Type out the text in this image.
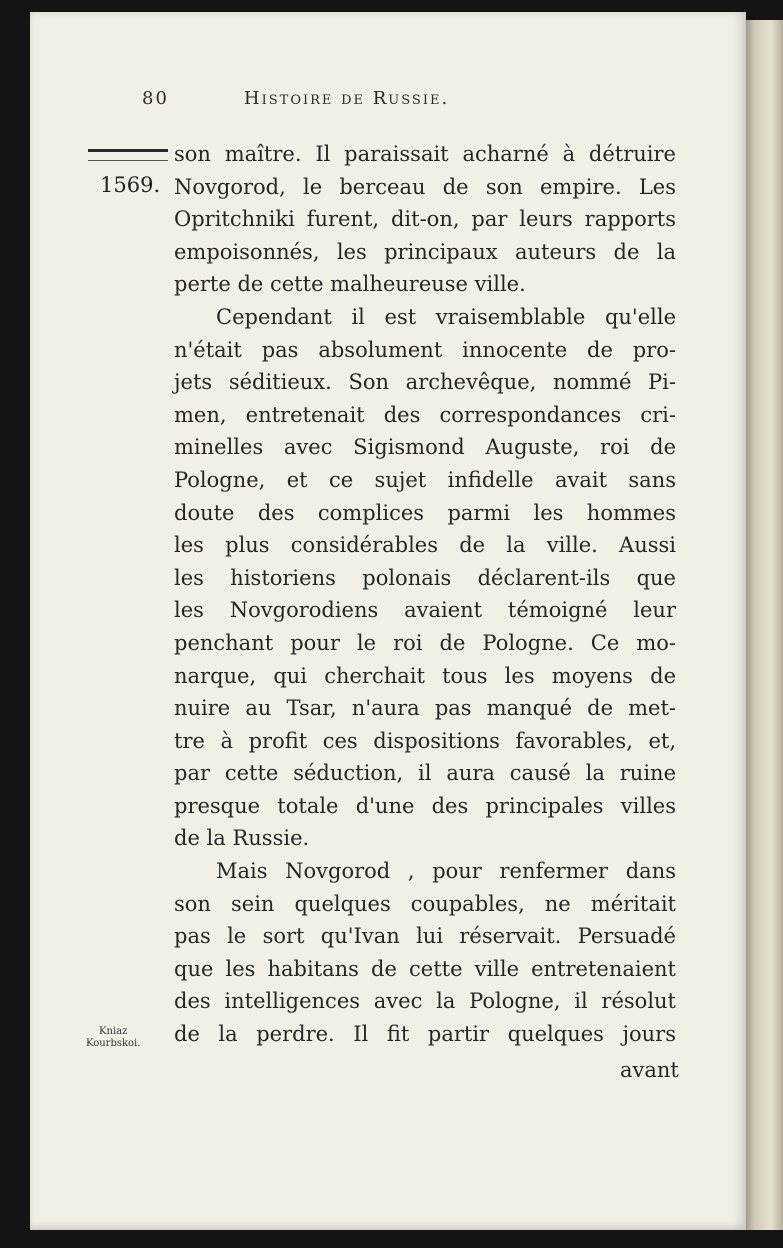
80	Histoire de Russie.
1569.
Kniaz
Kourbskoi.
son maître. Il paraissait acharné à détruire
Novgorod, le berceau de son empire. Les
Opritchniki furent, dit-on, par leurs rapports
empoisonnés, les principaux auteurs de la
perte de cette malheureuse ville.
Cependant il est vraisemblable qu'elle
n'était pas absolument innocente de pro-
jets séditieux. Son archevêque, nommé Pi-
men, entretenait des correspondances cri-
minelles avec Sigismond Auguste, roi de
Pologne, et ce sujet infidelle avait sans
doute des complices parmi les hommes
les plus considérables de la ville. Aussi
les historiens polonais déclarent-ils que
les Novgorodiens avaient témoigné leur
penchant pour le roi de Pologne. Ce mo-
narque, qui cherchait tous les moyens de
nuire au Tsar, n'aura pas manqué de met-
tre à profit ces dispositions favorables, et,
par cette séduction, il aura causé la ruine
presque totale d'une des principales villes
de la Russie.
Mais Novgorod , pour renfermer dans
son sein quelques coupables, ne méritait
pas le sort qu'Ivan lui réservait. Persuadé
que les habitans de cette ville entretenaient
des intelligences avec la Pologne, il résolut
de la perdre. Il fit partir quelques jours
avant
